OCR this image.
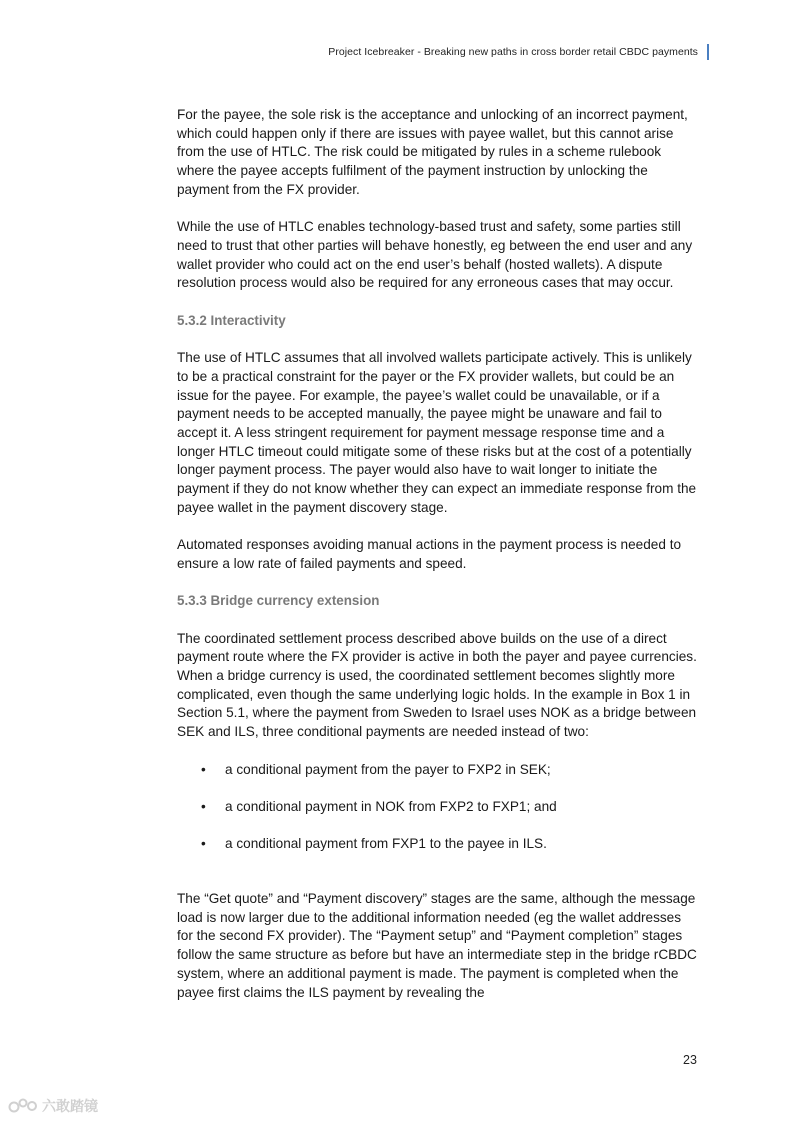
Project Icebreaker - Breaking new paths in cross border retail CBDC payments

For the payee, the sole risk is the acceptance and unlocking of an incorrect payment, which could happen only if there are issues with payee wallet, but this cannot arise from the use of HTLC. The risk could be mitigated by rules in a scheme rulebook where the payee accepts fulfilment of the payment instruction by unlocking the payment from the FX provider.

While the use of HTLC enables technology-based trust and safety, some parties still need to trust that other parties will behave honestly, eg between the end user and any wallet provider who could act on the end user’s behalf (hosted wallets). A dispute resolution process would also be required for any erroneous cases that may occur.

5.3.2 Interactivity

The use of HTLC assumes that all involved wallets participate actively. This is unlikely to be a practical constraint for the payer or the FX provider wallets, but could be an issue for the payee. For example, the payee’s wallet could be unavailable, or if a payment needs to be accepted manually, the payee might be unaware and fail to accept it. A less stringent requirement for payment message response time and a longer HTLC timeout could mitigate some of these risks but at the cost of a potentially longer payment process. The payer would also have to wait longer to initiate the payment if they do not know whether they can expect an immediate response from the payee wallet in the payment discovery stage.

Automated responses avoiding manual actions in the payment process is needed to ensure a low rate of failed payments and speed.

5.3.3 Bridge currency extension

The coordinated settlement process described above builds on the use of a direct payment route where the FX provider is active in both the payer and payee currencies. When a bridge currency is used, the coordinated settlement becomes slightly more complicated, even though the same underlying logic holds. In the example in Box 1 in Section 5.1, where the payment from Sweden to Israel uses NOK as a bridge between SEK and ILS, three conditional payments are needed instead of two:

• a conditional payment from the payer to FXP2 in SEK;
• a conditional payment in NOK from FXP2 to FXP1; and
• a conditional payment from FXP1 to the payee in ILS.

The “Get quote” and “Payment discovery” stages are the same, although the message load is now larger due to the additional information needed (eg the wallet addresses for the second FX provider). The “Payment setup” and “Payment completion” stages follow the same structure as before but have an intermediate step in the bridge rCBDC system, where an additional payment is made. The payment is completed when the payee first claims the ILS payment by revealing the

23
六敢踏镜
